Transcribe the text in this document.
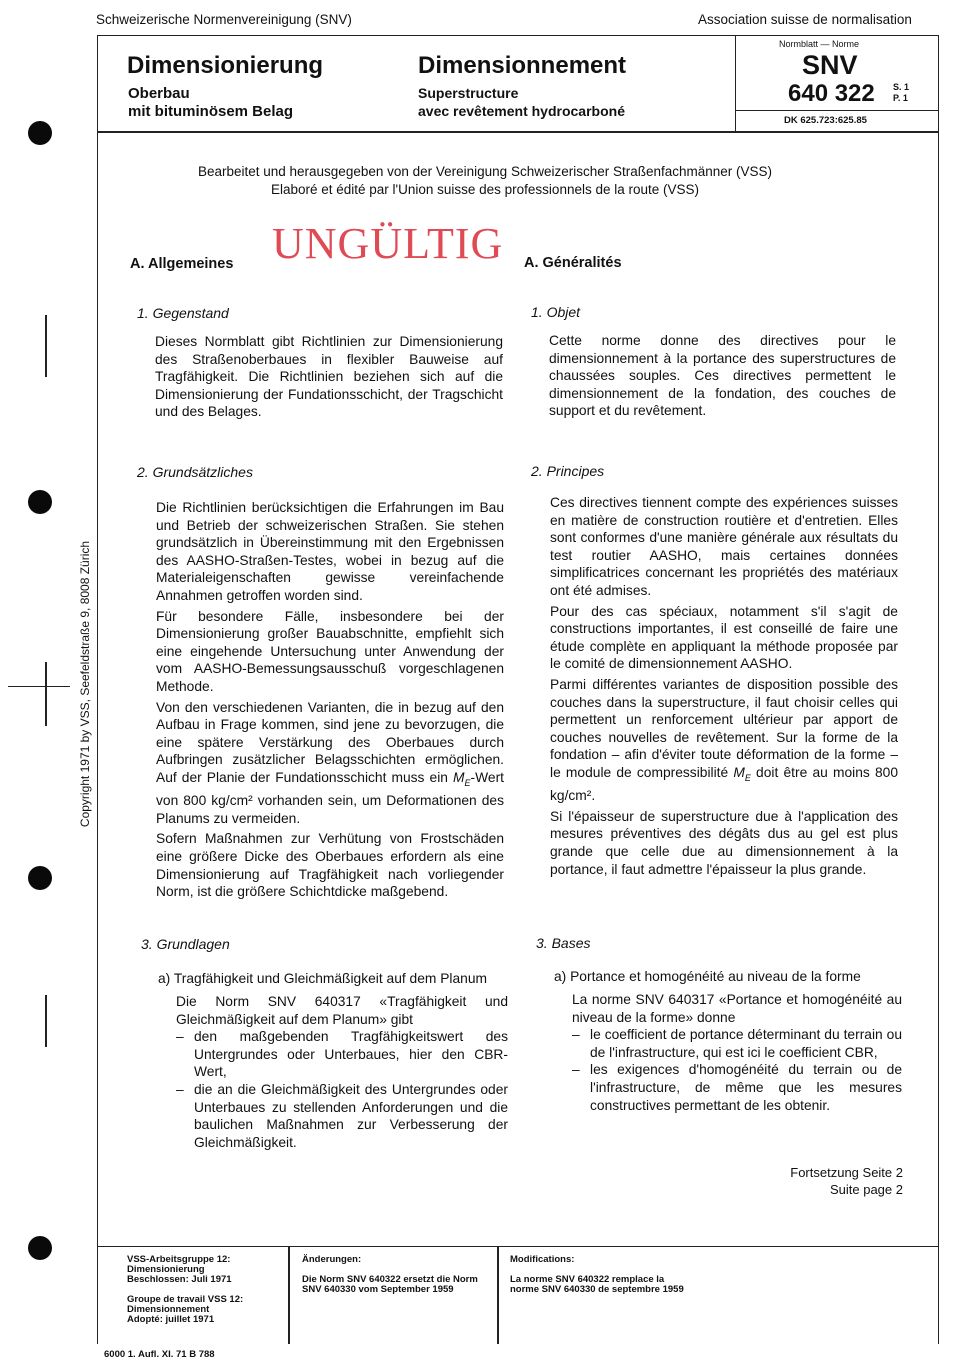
Copyright 1971 by VSS, Seefeldstraße 9, 8008 Zürich
Schweizerische Normenvereinigung (SNV)	Association suisse de normalisation
Dimensionierung
Oberbau
mit bituminösem Belag
Dimensionnement
Superstructure
avec revêtement hydrocarboné
Normblatt — Norme
SNV
640 322 S. 1
P. 1
DK 625.723:625.85
Bearbeitet und herausgegeben von der Vereinigung Schweizerischer Straßenfachmänner (VSS)
Elaboré et édité par l'Union suisse des professionnels de la route (VSS)
UNGÜLTIG
A. Allgemeines
1. Gegenstand

Dieses Normblatt gibt Richtlinien zur Dimensionierung des Straßenoberbaues in flexibler Bauweise auf Tragfähigkeit. Die Richtlinien beziehen sich auf die Dimensionierung der Fundationsschicht, der Tragschicht und des Belages.

2. Grundsätzliches

Die Richtlinien berücksichtigen die Erfahrungen im Bau und Betrieb der schweizerischen Straßen. Sie stehen grundsätzlich in Übereinstimmung mit den Ergebnissen des AASHO-Straßen-Testes, wobei in bezug auf die Materialeigenschaften gewisse vereinfachende Annahmen getroffen worden sind.

Für besondere Fälle, insbesondere bei der Dimensionierung großer Bauabschnitte, empfiehlt sich eine eingehende Untersuchung unter Anwendung der vom AASHO-Bemessungsausschuß vorgeschlagenen Methode.

Von den verschiedenen Varianten, die in bezug auf den Aufbau in Frage kommen, sind jene zu bevorzugen, die eine spätere Verstärkung des Oberbaues durch Aufbringen zusätzlicher Belagsschichten ermöglichen. Auf der Planie der Fundationsschicht muss ein $M_E$-Wert von 800 kg/cm² vorhanden sein, um Deformationen des Planums zu vermeiden.

Sofern Maßnahmen zur Verhütung von Frostschäden eine größere Dicke des Oberbaues erfordern als eine Dimensionierung auf Tragfähigkeit nach vorliegender Norm, ist die größere Schichtdicke maßgebend.

3. Grundlagen
a) Tragfähigkeit und Gleichmäßigkeit auf dem Planum

Die Norm SNV 640317 «Tragfähigkeit und Gleichmäßigkeit auf dem Planum» gibt

– den maßgebenden Tragfähigkeitswert des Untergrundes oder Unterbaues, hier den CBR-Wert,
– die an die Gleichmäßigkeit des Untergrundes oder Unterbaues zu stellenden Anforderungen und die baulichen Maßnahmen zur Verbesserung der Gleichmäßigkeit.
A. Généralités
1. Objet

Cette norme donne des directives pour le dimensionnement à la portance des superstructures de chaussées souples. Ces directives permettent le dimensionnement de la fondation, des couches de support et du revêtement.

2. Principes

Ces directives tiennent compte des expériences suisses en matière de construction routière et d'entretien. Elles sont conformes d'une manière générale aux résultats du test routier AASHO, mais certaines données simplificatrices concernant les propriétés des matériaux ont été admises.

Pour des cas spéciaux, notamment s'il s'agit de constructions importantes, il est conseillé de faire une étude complète en appliquant la méthode proposée par le comité de dimensionnement AASHO.

Parmi différentes variantes de disposition possible des couches dans la superstructure, il faut choisir celles qui permettent un renforcement ultérieur par apport de couches nouvelles de revêtement. Sur la forme de la fondation – afin d'éviter toute déformation de la forme – le module de compressibilité $M_E$ doit être au moins 800 kg/cm².

Si l'épaisseur de superstructure due à l'application des mesures préventives des dégâts dus au gel est plus grande que celle due au dimensionnement à la portance, il faut admettre l'épaisseur la plus grande.

3. Bases
a) Portance et homogénéité au niveau de la forme

La norme SNV 640317 «Portance et homogénéité au niveau de la forme» donne

– le coefficient de portance déterminant du terrain ou de l'infrastructure, qui est ici le coefficient CBR,
– les exigences d'homogénéité du terrain ou de l'infrastructure, de même que les mesures constructives permettant de les obtenir.
Fortsetzung Seite 2
Suite page 2
VSS-Arbeitsgruppe 12:
Dimensionierung
Beschlossen: Juli 1971
Groupe de travail VSS 12:
Dimensionnement
Adopté: juillet 1971
Änderungen:
Die Norm SNV 640322 ersetzt die Norm SNV 640330 vom September 1959
Modifications:
La norme SNV 640322 remplace la norme SNV 640330 de septembre 1959
6000 1. Aufl. XI. 71 B 788
